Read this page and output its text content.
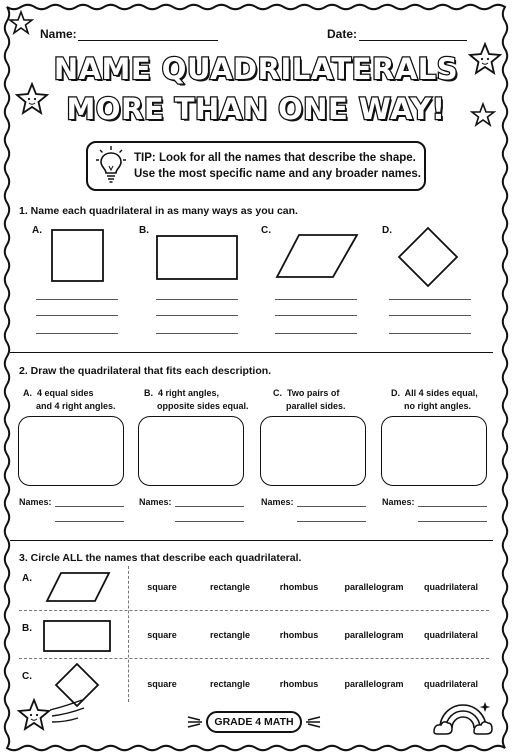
Name:	Date:
NAME QUADRILATERALS
MORE THAN ONE WAY!
TIP: Look for all the names that describe the shape.
Use the most specific name and any broader names.
1. Name each quadrilateral in as many ways as you can.
A.	B.	C.	D.
2. Draw the quadrilateral that fits each description.
A. 4 equal sides
and 4 right angles.
B. 4 right angles,
opposite sides equal.
C. Two pairs of
parallel sides.
D. All 4 sides equal,
no right angles.
Names:	Names:	Names:	Names:
3. Circle ALL the names that describe each quadrilateral.
A.
square	rectangle	rhombus	parallelogram	quadrilateral
B.
square	rectangle	rhombus	parallelogram	quadrilateral
C.
square	rectangle	rhombus	parallelogram	quadrilateral
GRADE 4 MATH
